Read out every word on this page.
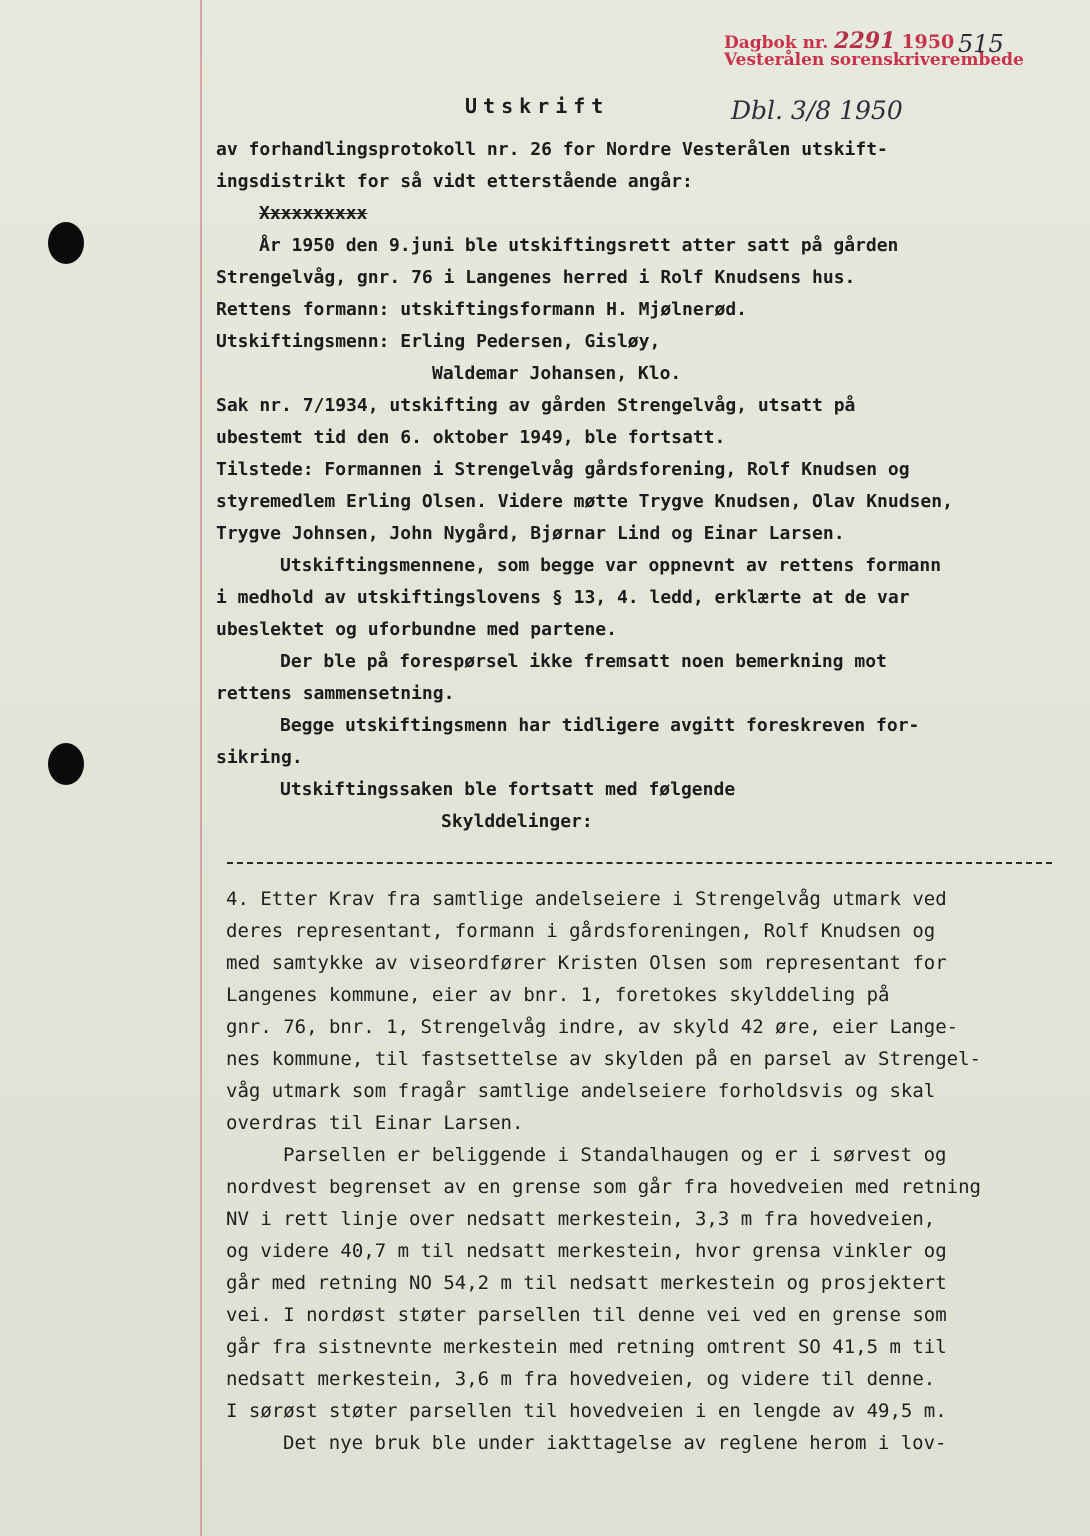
Dagbok nr. 2291 1950
Vesterålen sorenskriverembede
515
Dbl. 3/8 1950
Utskrift
av forhandlingsprotokoll nr. 26 for Nordre Vesterålen utskift-
ingsdistrikt for så vidt etterstående angår:
Xxxxxxxxxx
År 1950 den 9.juni ble utskiftingsrett atter satt på gården
Strengelvåg, gnr. 76 i Langenes herred i Rolf Knudsens hus.
Rettens formann: utskiftingsformann H. Mjølnerød.
Utskiftingsmenn: Erling Pedersen, Gisløy,
Waldemar Johansen, Klo.
Sak nr. 7/1934, utskifting av gården Strengelvåg, utsatt på
ubestemt tid den 6. oktober 1949, ble fortsatt.
Tilstede: Formannen i Strengelvåg gårdsforening, Rolf Knudsen og
styremedlem Erling Olsen. Videre møtte Trygve Knudsen, Olav Knudsen,
Trygve Johnsen, John Nygård, Bjørnar Lind og Einar Larsen.
Utskiftingsmennene, som begge var oppnevnt av rettens formann
i medhold av utskiftingslovens § 13, 4. ledd, erklærte at de var
ubeslektet og uforbundne med partene.
Der ble på forespørsel ikke fremsatt noen bemerkning mot
rettens sammensetning.
Begge utskiftingsmenn har tidligere avgitt foreskreven for-
sikring.
Utskiftingssaken ble fortsatt med følgende
Skylddelinger:
4. Etter Krav fra samtlige andelseiere i Strengelvåg utmark ved
deres representant, formann i gårdsforeningen, Rolf Knudsen og
med samtykke av viseordfører Kristen Olsen som representant for
Langenes kommune, eier av bnr. 1, foretokes skylddeling på
gnr. 76, bnr. 1, Strengelvåg indre, av skyld 42 øre, eier Lange-
nes kommune, til fastsettelse av skylden på en parsel av Strengel-
våg utmark som fragår samtlige andelseiere forholdsvis og skal
overdras til Einar Larsen.
Parsellen er beliggende i Standalhaugen og er i sørvest og
nordvest begrenset av en grense som går fra hovedveien med retning
NV i rett linje over nedsatt merkestein, 3,3 m fra hovedveien,
og videre 40,7 m til nedsatt merkestein, hvor grensa vinkler og
går med retning NO 54,2 m til nedsatt merkestein og prosjektert
vei. I nordøst støter parsellen til denne vei ved en grense som
går fra sistnevnte merkestein med retning omtrent SO 41,5 m til
nedsatt merkestein, 3,6 m fra hovedveien, og videre til denne.
I sørøst støter parsellen til hovedveien i en lengde av 49,5 m.
Det nye bruk ble under iakttagelse av reglene herom i lov-
